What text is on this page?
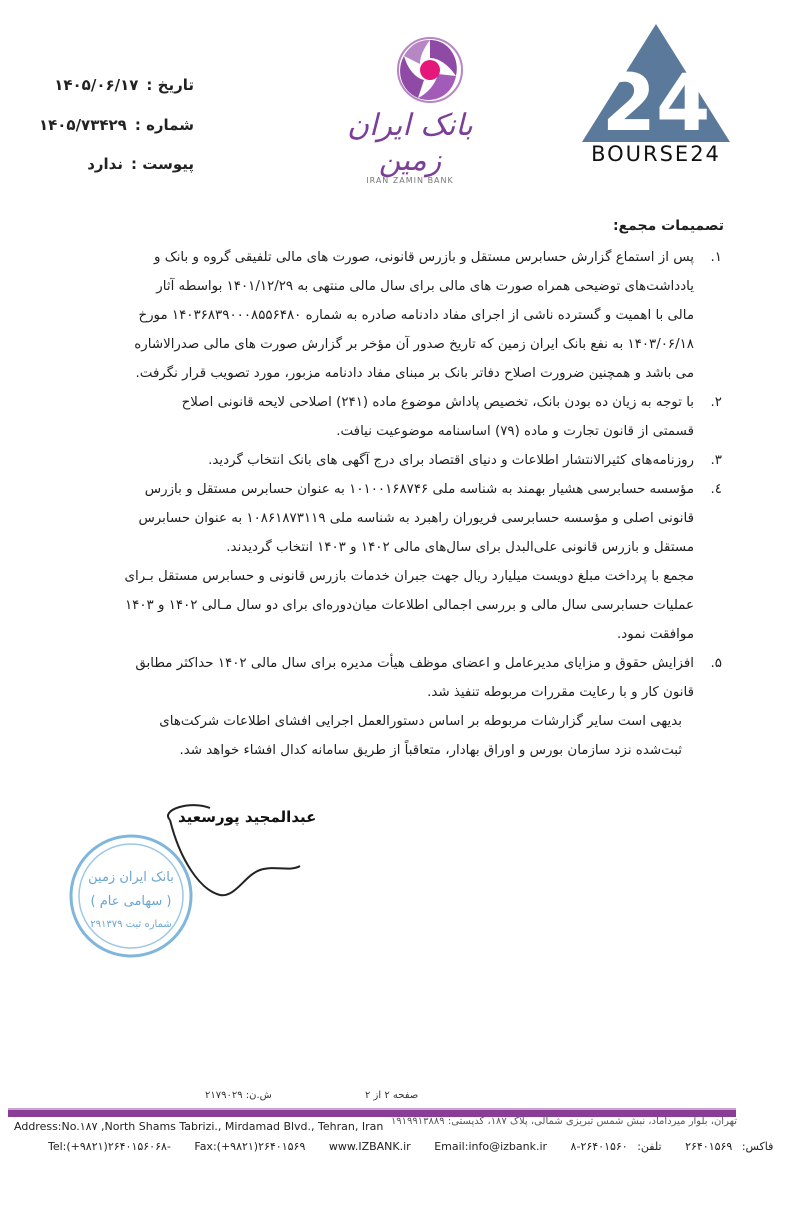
24
BOURSE24
بانک ایران زمین
IRAN ZAMIN BANK
تاریخ :۱۴۰۵/۰۶/۱۷
شماره :۱۴۰۵/۷۳۴۲۹
پیوست :ندارد
تصمیمات مجمع:
۱.
پس از استماع گزارش حسابرس مستقل و بازرس قانونی، صورت های مالی تلفیقی گروه و بانک و
یادداشت‌های توضیحی همراه صورت های مالی برای سال مالی منتهی به ۱۴۰۱/۱۲/۲۹ بواسطه آثار
مالی با اهمیت و گسترده ناشی از اجرای مفاد دادنامه صادره به شماره ۱۴۰۳۶۸۳۹۰۰۰۸۵۵۶۴۸۰ مورخ
۱۴۰۳/۰۶/۱۸ به نفع بانک ایران زمین که تاریخ صدور آن مؤخر بر گزارش صورت های مالی صدرالاشاره
می باشد و همچنین ضرورت اصلاح دفاتر بانک بر مبنای مفاد دادنامه مزبور، مورد تصویب قرار نگرفت.
۲.
با توجه به زیان ده بودن بانک، تخصیص پاداش موضوع ماده (۲۴۱) اصلاحی لایحه قانونی اصلاح
قسمتی از قانون تجارت و ماده (۷۹) اساسنامه موضوعیت نیافت.
۳.
روزنامه‌های کثیرالانتشار اطلاعات و دنیای اقتصاد برای درج آگهی های بانک انتخاب گردید.
٤.
مؤسسه حسابرسی هشیار بهمند به شناسه ملی ۱۰۱۰۰۱۶۸۷۴۶ به عنوان حسابرس مستقل و بازرس
قانونی اصلی و مؤسسه حسابرسی فریوران راهبرد به شناسه ملی ۱۰۸۶۱۸۷۳۱۱۹ به عنوان حسابرس
مستقل و بازرس قانونی علی‌البدل برای سال‌های مالی ۱۴۰۲ و ۱۴۰۳ انتخاب گردیدند.
مجمع با پرداخت مبلغ دویست میلیارد ریال جهت جبران خدمات بازرس قانونی و حسابرس مستقل بـرای
عملیات حسابرسی سال مالی و بررسی اجمالی اطلاعات میان‌دوره‌ای برای دو سال مـالی ۱۴۰۲ و ۱۴۰۳
موافقت نمود.
۵.
افزایش حقوق و مزایای مدیرعامل و اعضای موظف هیأت مدیره برای سال مالی ۱۴۰۲ حداکثر مطابق
قانون کار و با رعایت مقررات مربوطه تنفیذ شد.
بدیهی است سایر گزارشات مربوطه بر اساس دستورالعمل اجرایی افشای اطلاعات شرکت‌های
ثبت‌شده نزد سازمان بورس و اوراق بهادار، متعاقباً از طریق سامانه کدال افشاء خواهد شد.
عبدالمجید پورسعید
بانک ایران زمین
( سهامی عام )
شماره ثبت ۲۹۱۳۷۹
صفحه ۲ از ۲
ش.ن: ۲۱۷۹۰۲۹
تهران، بلوار میرداماد، نبش شمس تبریزی شمالی، پلاک ۱۸۷، کدپستی: ۱۹۱۹۹۱۳۸۸۹
Address:No.۱۸۷ ,North Shams Tabrizi., Mirdamad Blvd., Tehran, Iran
Tel:(+۹۸۲۱)۲۶۴۰۱۵۶۰۶۸- Fax:(+۹۸۲۱)۲۶۴۰۱۵۶۹ www.IZBANK.ir Email:info@izbank.ir	فاکس: ۲۶۴۰۱۵۶۹ تلفن: ۲۶۴۰۱۵۶۰-۸
